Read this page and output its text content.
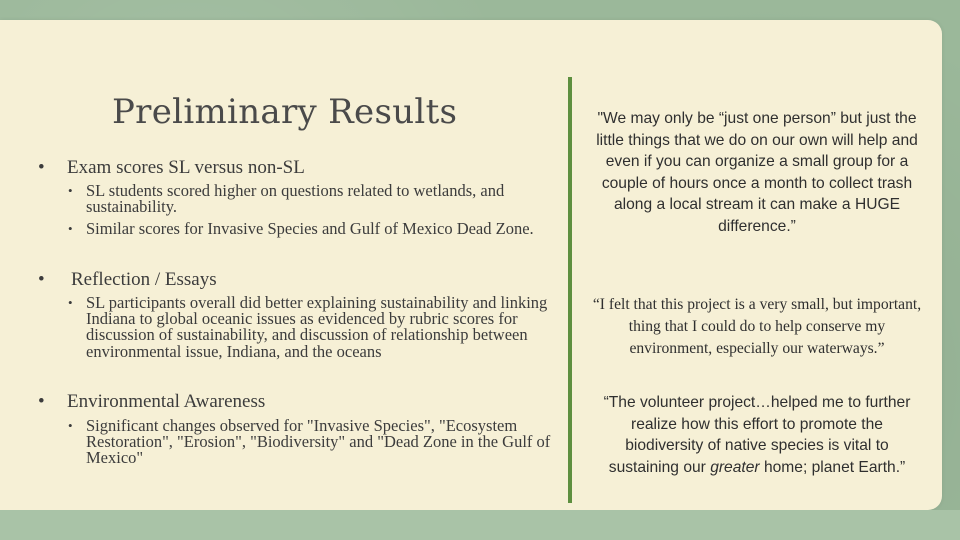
Preliminary Results
•	Exam scores SL versus non-SL
• SL students scored higher on questions related to wetlands, and sustainability.
• Similar scores for Invasive Species and Gulf of Mexico Dead Zone.
•	Reflection / Essays
• SL participants overall did better explaining sustainability and linking Indiana to global oceanic issues as evidenced by rubric scores for discussion of sustainability, and discussion of relationship between environmental issue, Indiana, and the oceans
•	Environmental Awareness
• Significant changes observed for "Invasive Species", "Ecosystem Restoration", "Erosion", "Biodiversity" and "Dead Zone in the Gulf of Mexico"
"We may only be “just one person” but just the little things that we do on our own will help and even if you can organize a small group for a couple of hours once a month to collect trash along a local stream it can make a HUGE difference.”
“I felt that this project is a very small, but important, thing that I could do to help conserve my environment, especially our waterways.”
“The volunteer project…helped me to further realize how this effort to promote the biodiversity of native species is vital to sustaining our greater home; planet Earth.”
